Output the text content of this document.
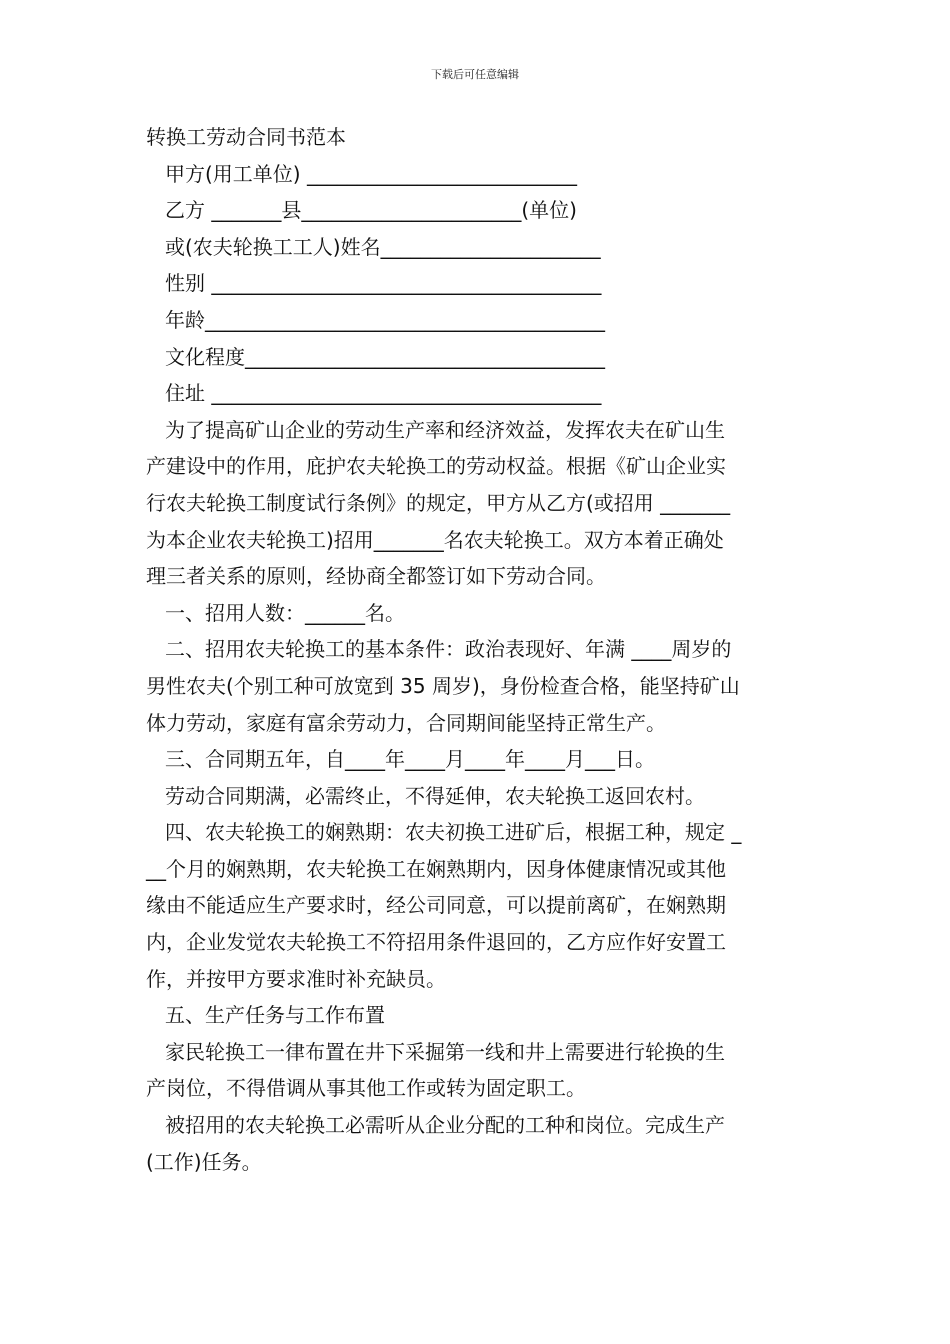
下载后可任意编辑
转换工劳动合同书范本
甲方(用工单位) ___________________________
乙方 _______县______________________(单位)
或(农夫轮换工工人)姓名______________________
性别 _______________________________________
年龄________________________________________
文化程度____________________________________
住址 _______________________________________
为了提高矿山企业的劳动生产率和经济效益，发挥农夫在矿山生
产建设中的作用，庇护农夫轮换工的劳动权益。根据《矿山企业实
行农夫轮换工制度试行条例》的规定，甲方从乙方(或招用 _______
为本企业农夫轮换工)招用_______名农夫轮换工。双方本着正确处
理三者关系的原则，经协商全都签订如下劳动合同。
一、招用人数：______名。
二、招用农夫轮换工的基本条件：政治表现好、年满 ____周岁的
男性农夫(个别工种可放宽到 35 周岁)，身份检查合格，能坚持矿山
体力劳动，家庭有富余劳动力，合同期间能坚持正常生产。
三、合同期五年，自____年____月____年____月___日。
劳动合同期满，必需终止，不得延伸，农夫轮换工返回农村。
四、农夫轮换工的娴熟期：农夫初换工进矿后，根据工种，规定 _
__个月的娴熟期，农夫轮换工在娴熟期内，因身体健康情况或其他
缘由不能适应生产要求时，经公司同意，可以提前离矿，在娴熟期
内，企业发觉农夫轮换工不符招用条件退回的，乙方应作好安置工
作，并按甲方要求准时补充缺员。
五、生产任务与工作布置
家民轮换工一律布置在井下采掘第一线和井上需要进行轮换的生
产岗位，不得借调从事其他工作或转为固定职工。
被招用的农夫轮换工必需听从企业分配的工种和岗位。完成生产
(工作)任务。
